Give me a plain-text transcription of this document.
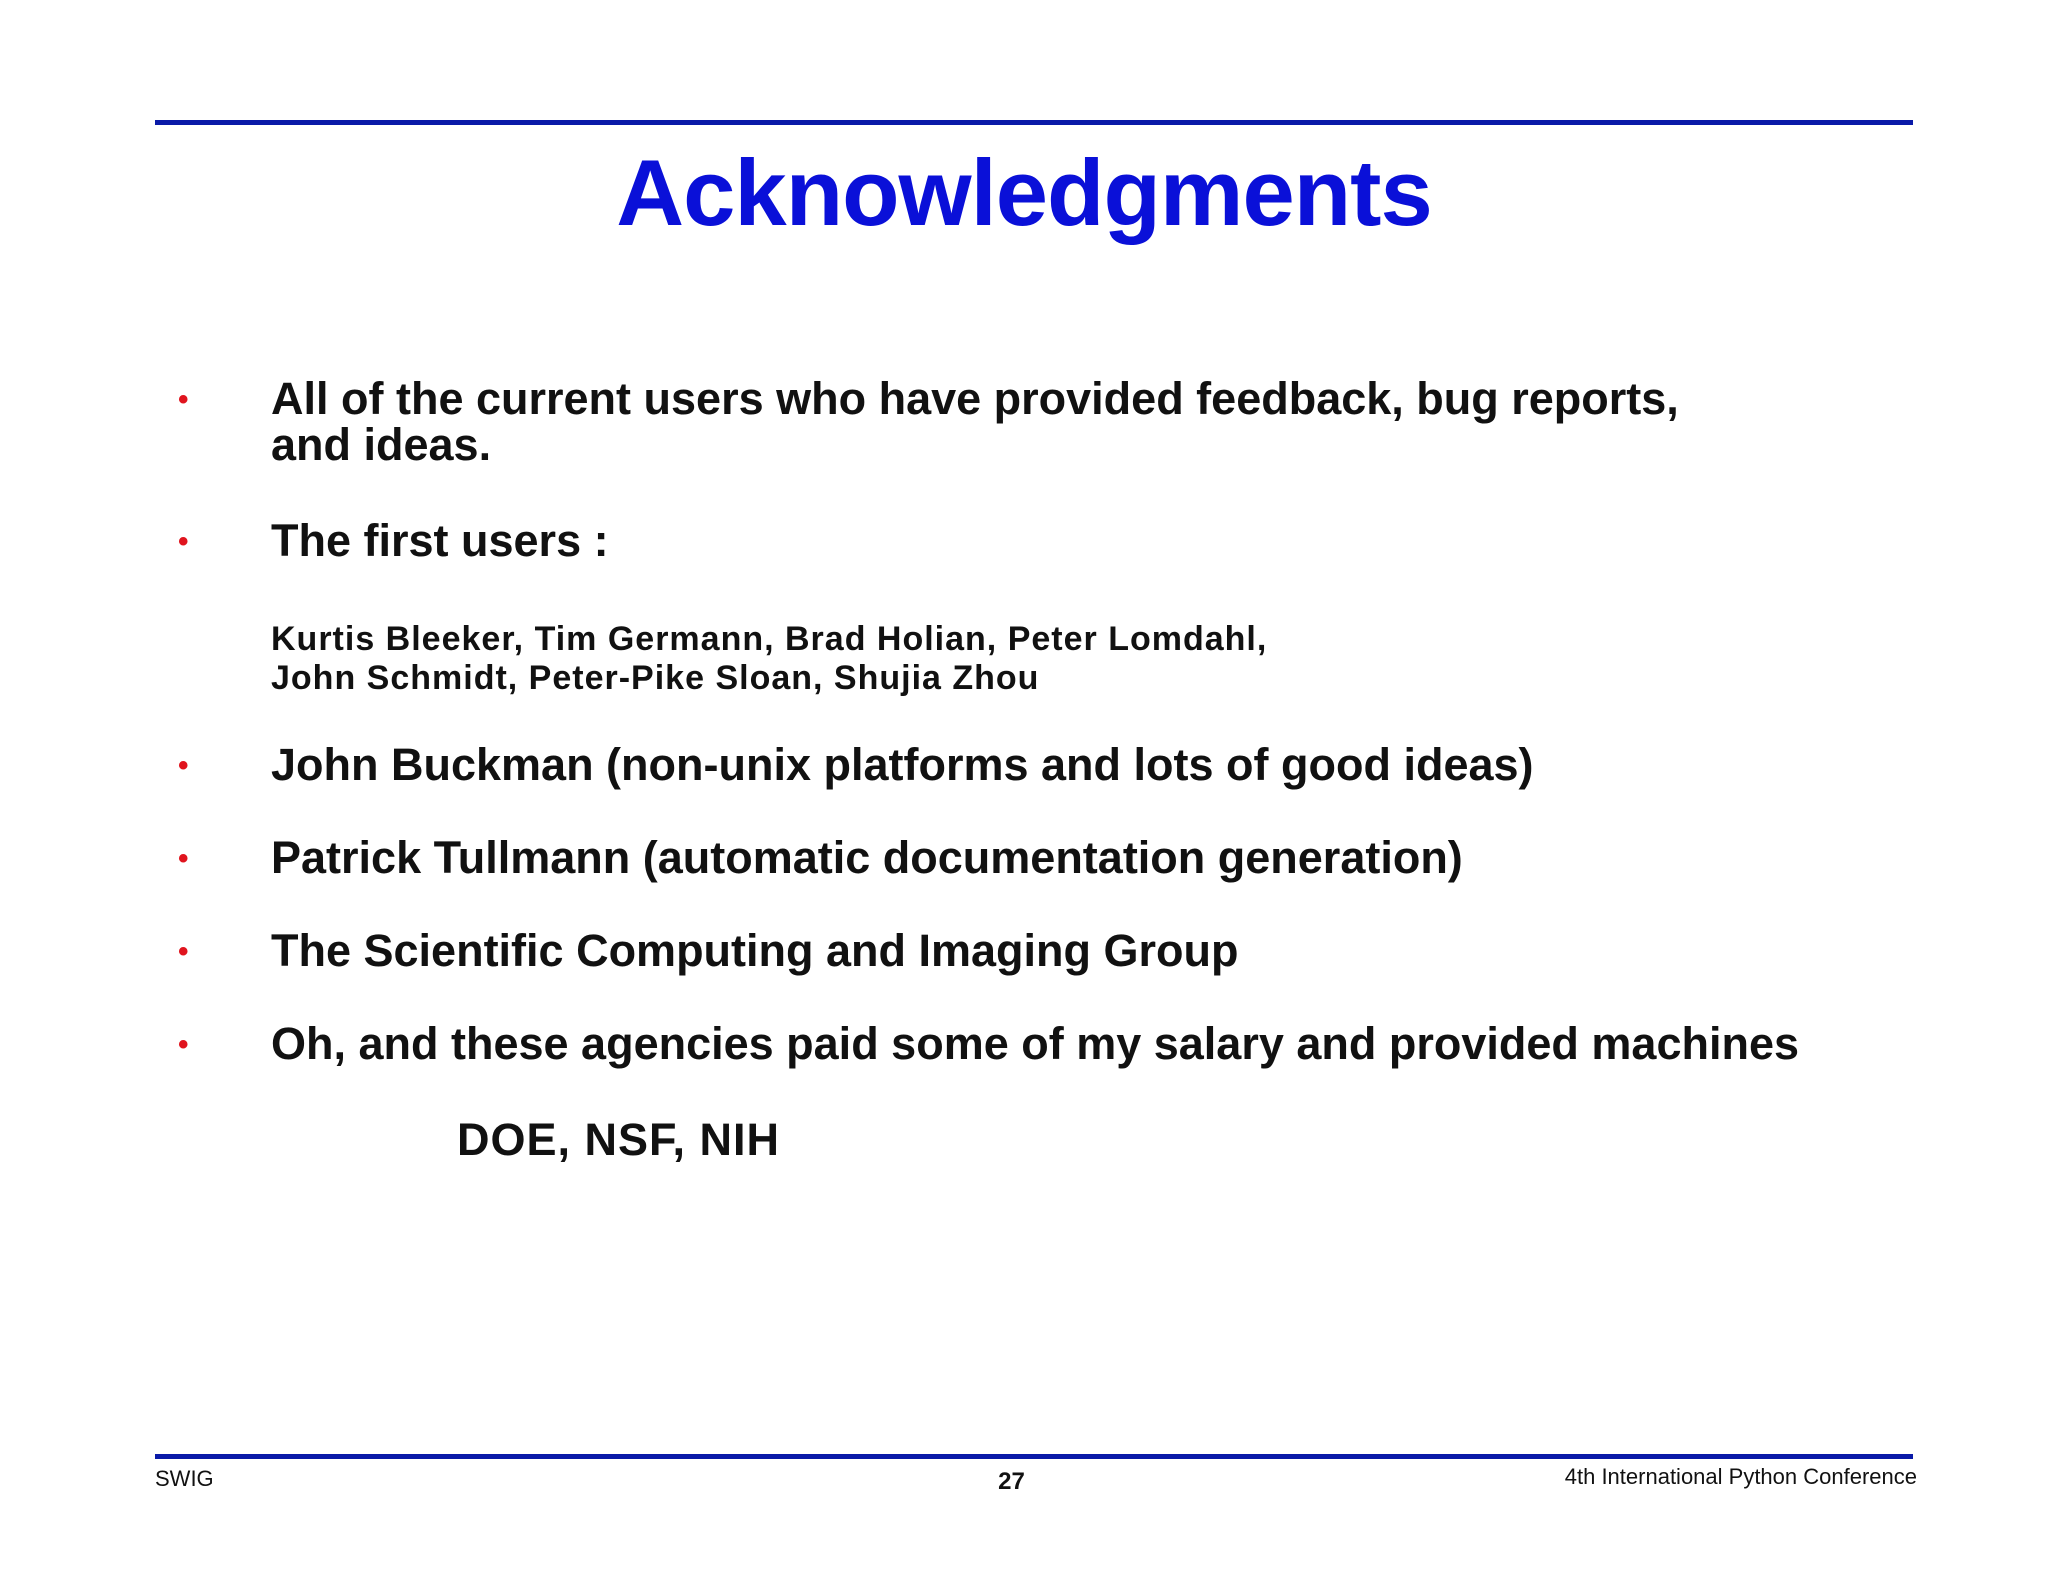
Acknowledgments
• All of the current users who have provided feedback, bug reports,
and ideas.
• The first users :
• John Buckman (non-unix platforms and lots of good ideas)
• Patrick Tullmann (automatic documentation generation)
• The Scientific Computing and Imaging Group
• Oh, and these agencies paid some of my salary and provided machines
Kurtis Bleeker, Tim Germann, Brad Holian, Peter Lomdahl,
John Schmidt, Peter-Pike Sloan, Shujia Zhou
DOE, NSF, NIH
SWIG	27	4th International Python Conference
